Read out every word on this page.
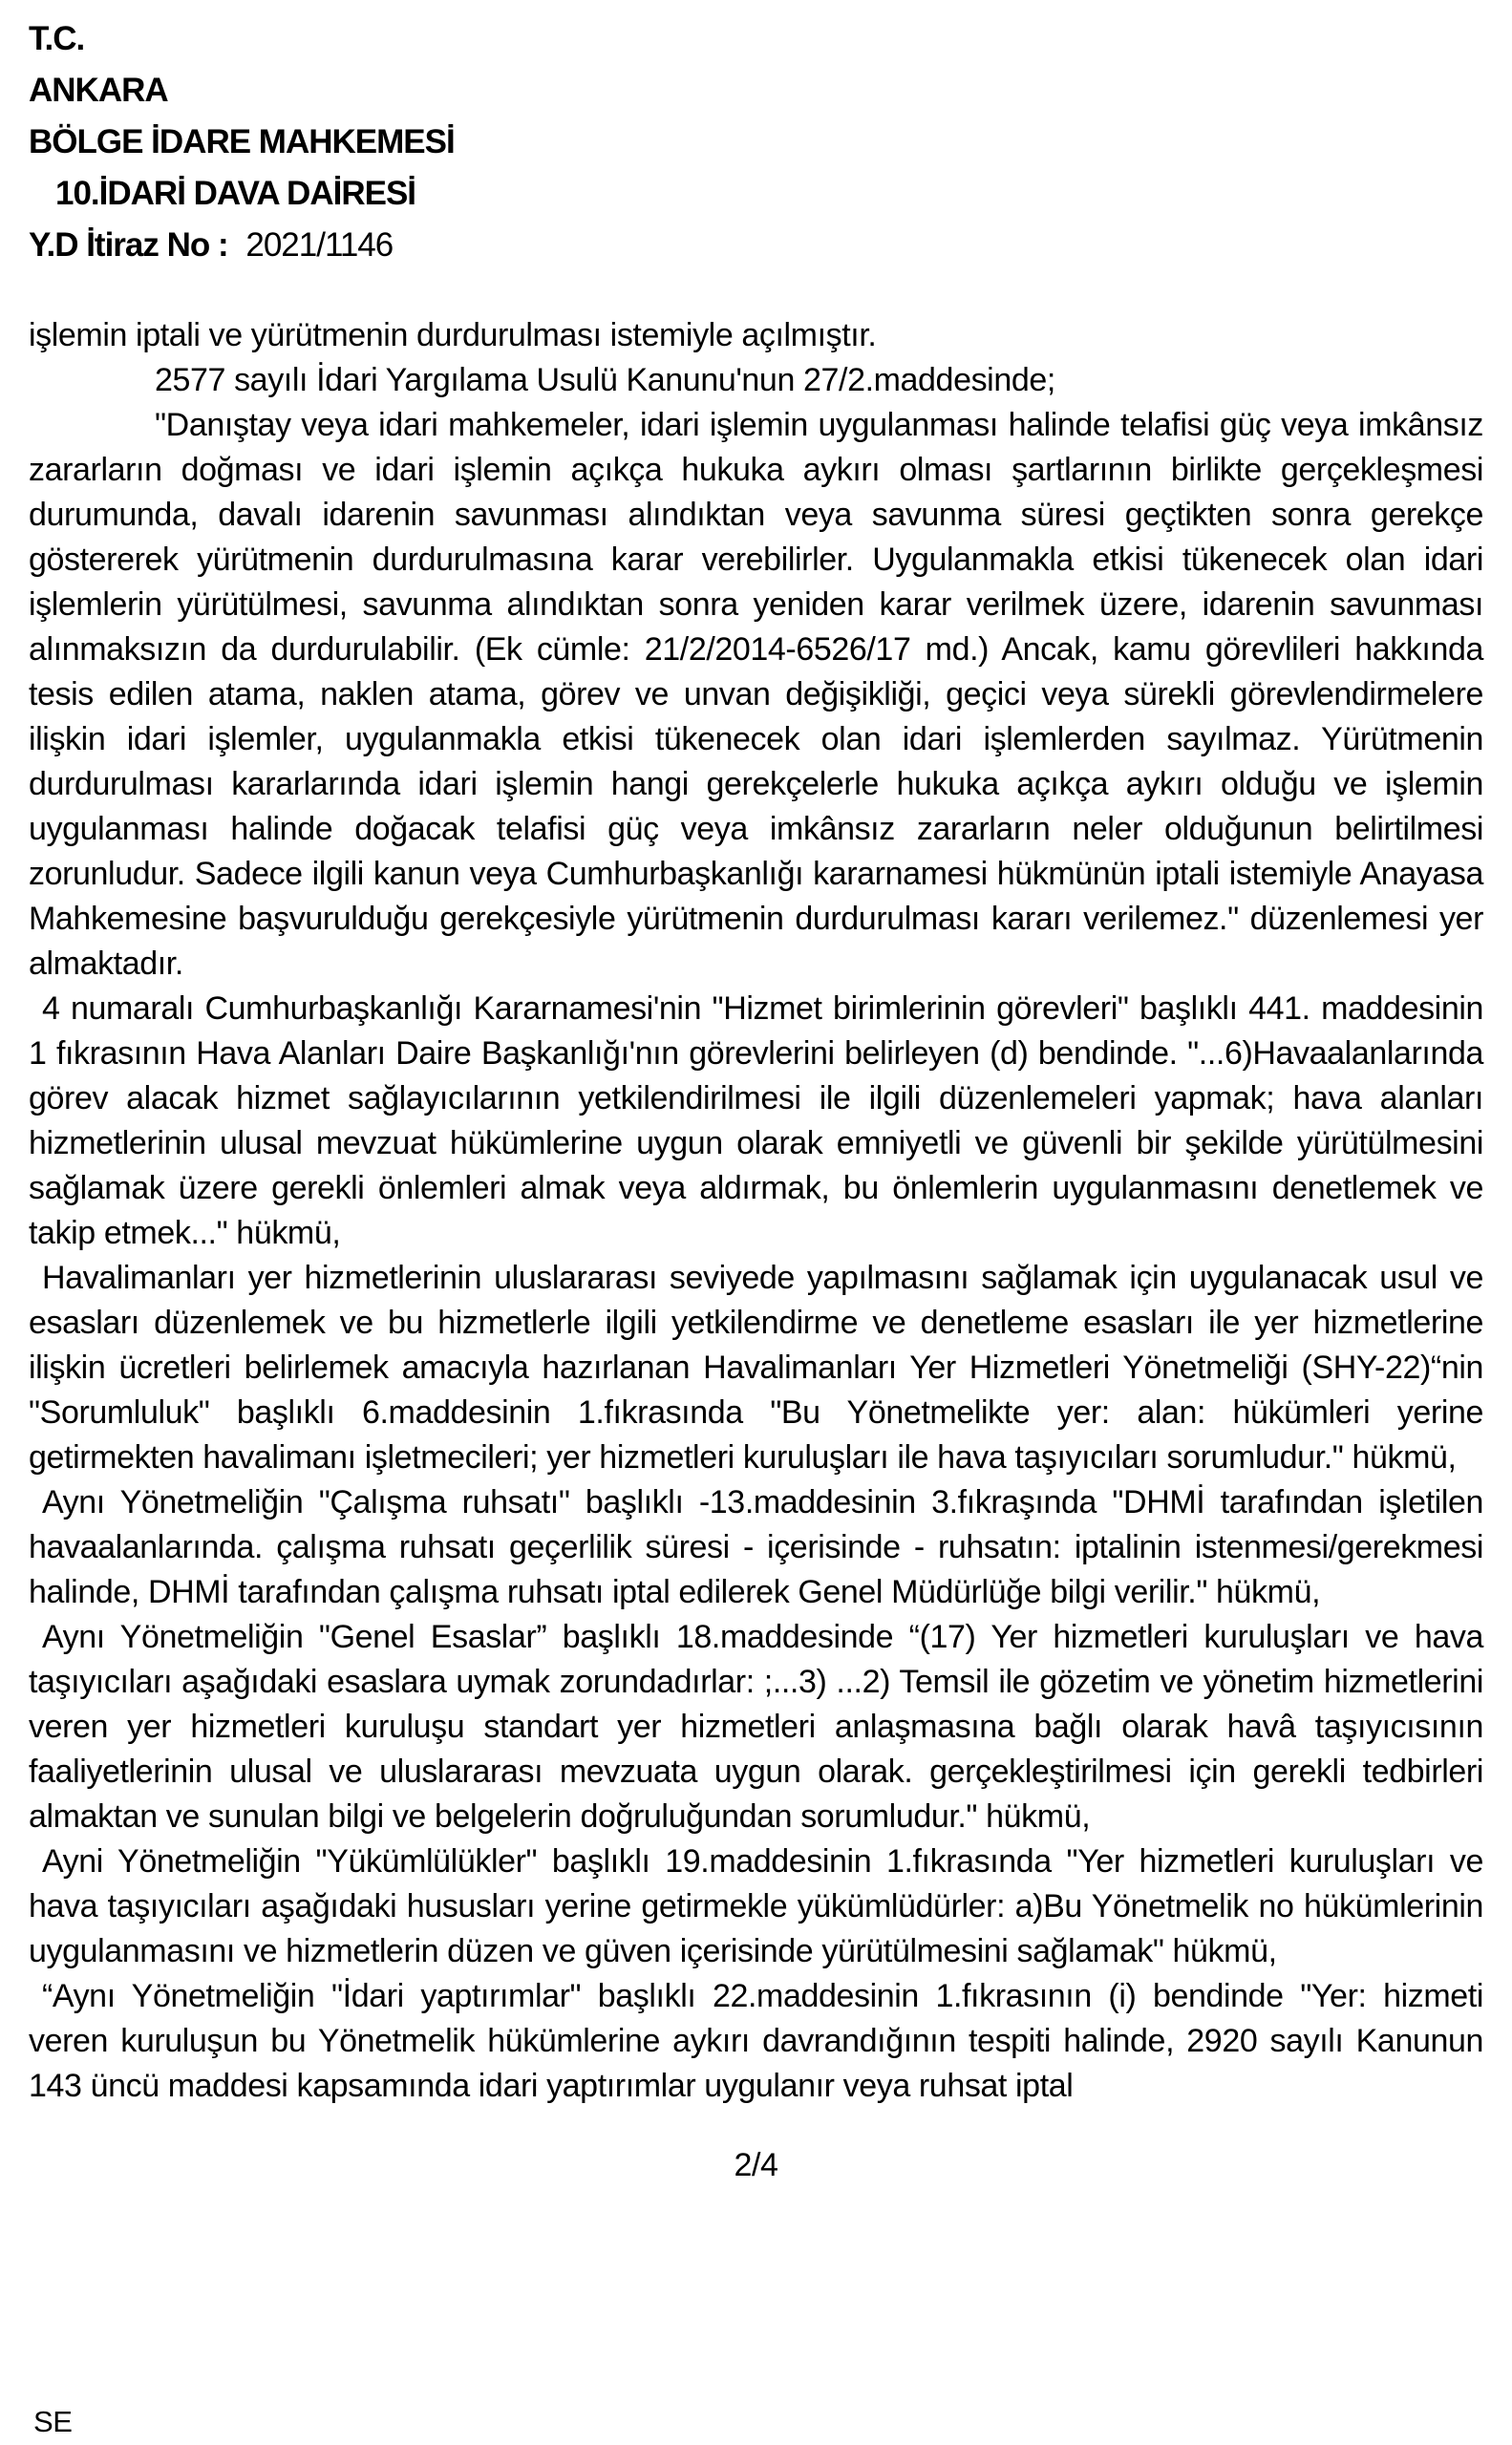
T.C.
ANKARA
BÖLGE İDARE MAHKEMESİ
10.İDARİ DAVA DAİRESİ
Y.D İtiraz No : 2021/1146

işlemin iptali ve yürütmenin durdurulması istemiyle açılmıştır.

2577 sayılı İdari Yargılama Usulü Kanunu'nun 27/2.maddesinde;

"Danıştay veya idari mahkemeler, idari işlemin uygulanması halinde telafisi güç veya imkânsız zararların doğması ve idari işlemin açıkça hukuka aykırı olması şartlarının birlikte gerçekleşmesi durumunda, davalı idarenin savunması alındıktan veya savunma süresi geçtikten sonra gerekçe göstererek yürütmenin durdurulmasına karar verebilirler. Uygulanmakla etkisi tükenecek olan idari işlemlerin yürütülmesi, savunma alındıktan sonra yeniden karar verilmek üzere, idarenin savunması alınmaksızın da durdurulabilir. (Ek cümle: 21/2/2014-6526/17 md.) Ancak, kamu görevlileri hakkında tesis edilen atama, naklen atama, görev ve unvan değişikliği, geçici veya sürekli görevlendirmelere ilişkin idari işlemler, uygulanmakla etkisi tükenecek olan idari işlemlerden sayılmaz. Yürütmenin durdurulması kararlarında idari işlemin hangi gerekçelerle hukuka açıkça aykırı olduğu ve işlemin uygulanması halinde doğacak telafisi güç veya imkânsız zararların neler olduğunun belirtilmesi zorunludur. Sadece ilgili kanun veya Cumhurbaşkanlığı kararnamesi hükmünün iptali istemiyle Anayasa Mahkemesine başvurulduğu gerekçesiyle yürütmenin durdurulması kararı verilemez." düzenlemesi yer almaktadır.

4 numaralı Cumhurbaşkanlığı Kararnamesi'nin "Hizmet birimlerinin görevleri" başlıklı 441. maddesinin 1 fıkrasının Hava Alanları Daire Başkanlığı'nın görevlerini belirleyen (d) bendinde. "...6)Havaalanlarında görev alacak hizmet sağlayıcılarının yetkilendirilmesi ile ilgili düzenlemeleri yapmak; hava alanları hizmetlerinin ulusal mevzuat hükümlerine uygun olarak emniyetli ve güvenli bir şekilde yürütülmesini sağlamak üzere gerekli önlemleri almak veya aldırmak, bu önlemlerin uygulanmasını denetlemek ve takip etmek..." hükmü,

Havalimanları yer hizmetlerinin uluslararası seviyede yapılmasını sağlamak için uygulanacak usul ve esasları düzenlemek ve bu hizmetlerle ilgili yetkilendirme ve denetleme esasları ile yer hizmetlerine ilişkin ücretleri belirlemek amacıyla hazırlanan Havalimanları Yer Hizmetleri Yönetmeliği (SHY-22)“nin "Sorumluluk" başlıklı 6.maddesinin 1.fıkrasında "Bu Yönetmelikte yer: alan: hükümleri yerine getirmekten havalimanı işletmecileri; yer hizmetleri kuruluşları ile hava taşıyıcıları sorumludur." hükmü,

Aynı Yönetmeliğin "Çalışma ruhsatı" başlıklı -13.maddesinin 3.fıkraşında "DHMİ tarafından işletilen havaalanlarında. çalışma ruhsatı geçerlilik süresi - içerisinde - ruhsatın: iptalinin istenmesi/gerekmesi halinde, DHMİ tarafından çalışma ruhsatı iptal edilerek Genel Müdürlüğe bilgi verilir." hükmü,

Aynı Yönetmeliğin "Genel Esaslar” başlıklı 18.maddesinde “(17) Yer hizmetleri kuruluşları ve hava taşıyıcıları aşağıdaki esaslara uymak zorundadırlar: ;...3) ...2) Temsil ile gözetim ve yönetim hizmetlerini veren yer hizmetleri kuruluşu standart yer hizmetleri anlaşmasına bağlı olarak havâ taşıyıcısının faaliyetlerinin ulusal ve uluslararası mevzuata uygun olarak. gerçekleştirilmesi için gerekli tedbirleri almaktan ve sunulan bilgi ve belgelerin doğruluğundan sorumludur." hükmü,

Ayni Yönetmeliğin "Yükümlülükler" başlıklı 19.maddesinin 1.fıkrasında "Yer hizmetleri kuruluşları ve hava taşıyıcıları aşağıdaki hususları yerine getirmekle yükümlüdürler: a)Bu Yönetmelik no hükümlerinin uygulanmasını ve hizmetlerin düzen ve güven içerisinde yürütülmesini sağlamak" hükmü,

“Aynı Yönetmeliğin "İdari yaptırımlar" başlıklı 22.maddesinin 1.fıkrasının (i) bendinde "Yer: hizmeti veren kuruluşun bu Yönetmelik hükümlerine aykırı davrandığının tespiti halinde, 2920 sayılı Kanunun 143 üncü maddesi kapsamında idari yaptırımlar uygulanır veya ruhsat iptal

2/4
SE
